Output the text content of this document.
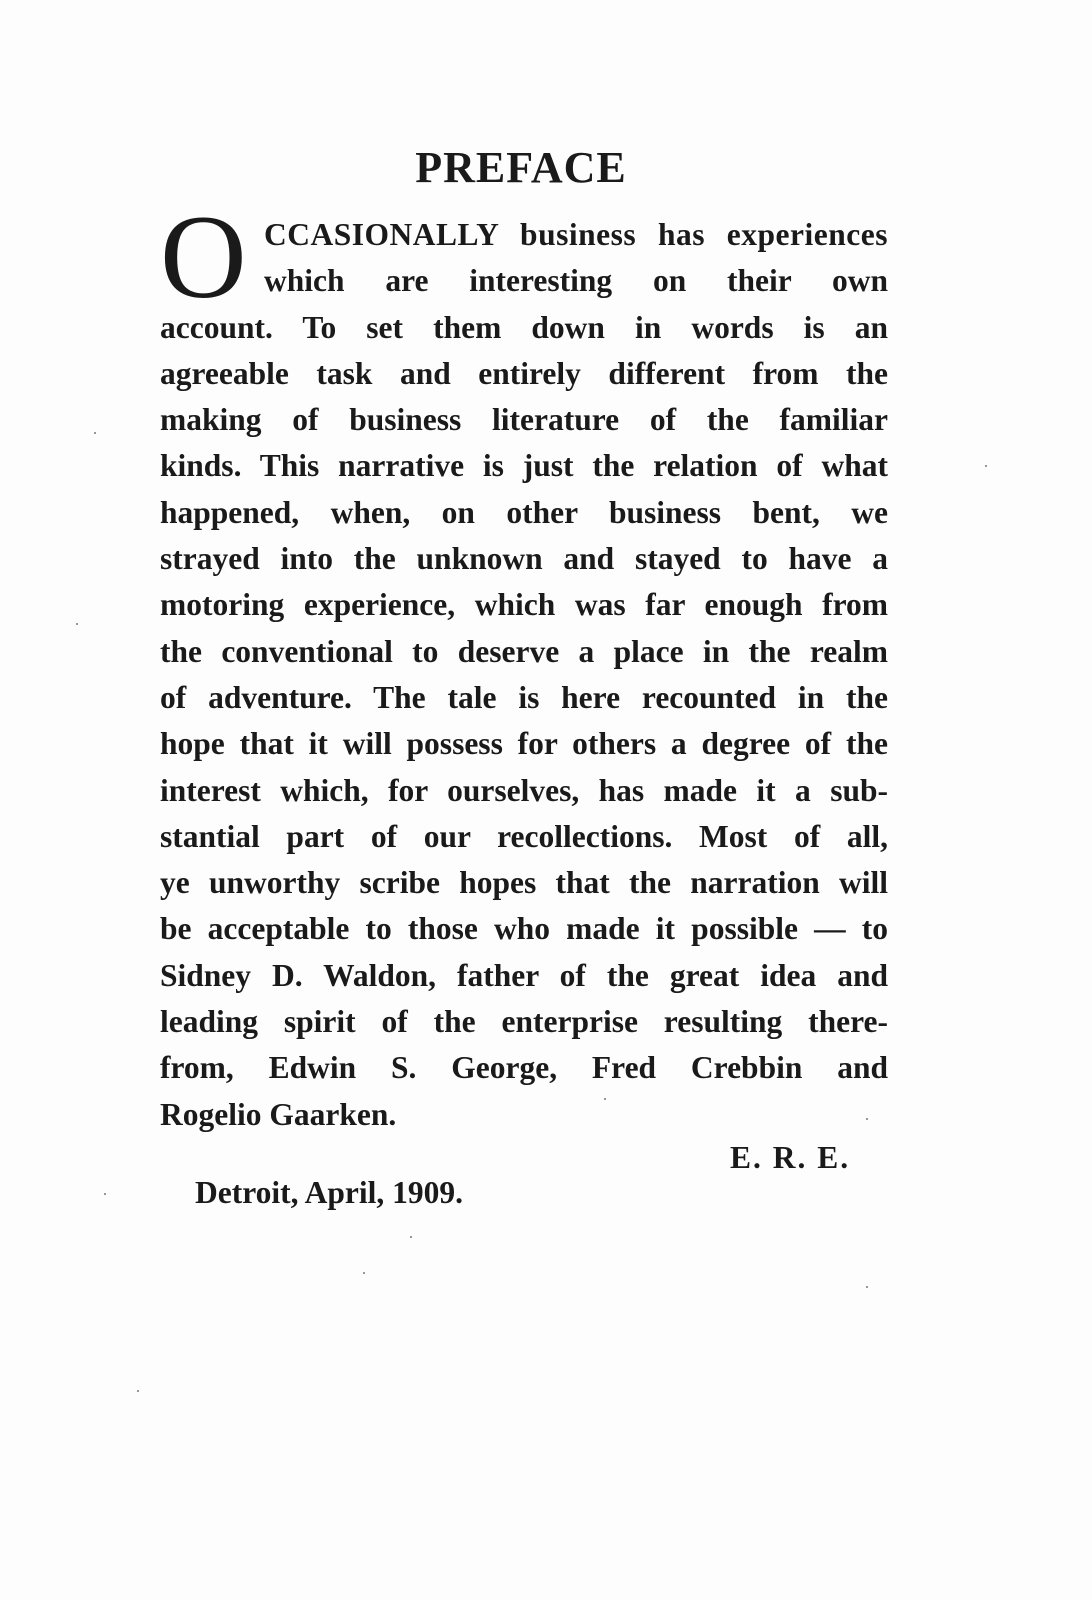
PREFACE
O CCASIONALLY business has experiences
which are interesting on their own
account. To set them down in words is an
agreeable task and entirely different from the
making of business literature of the familiar
kinds. This narrative is just the relation of what
happened, when, on other business bent, we
strayed into the unknown and stayed to have a
motoring experience, which was far enough from
the conventional to deserve a place in the realm
of adventure. The tale is here recounted in the
hope that it will possess for others a degree of the
interest which, for ourselves, has made it a sub-
stantial part of our recollections. Most of all,
ye unworthy scribe hopes that the narration will
be acceptable to those who made it possible — to
Sidney D. Waldon, father of the great idea and
leading spirit of the enterprise resulting there-
from, Edwin S. George, Fred Crebbin and
Rogelio Gaarken.
E. R. E.
Detroit, April, 1909.
